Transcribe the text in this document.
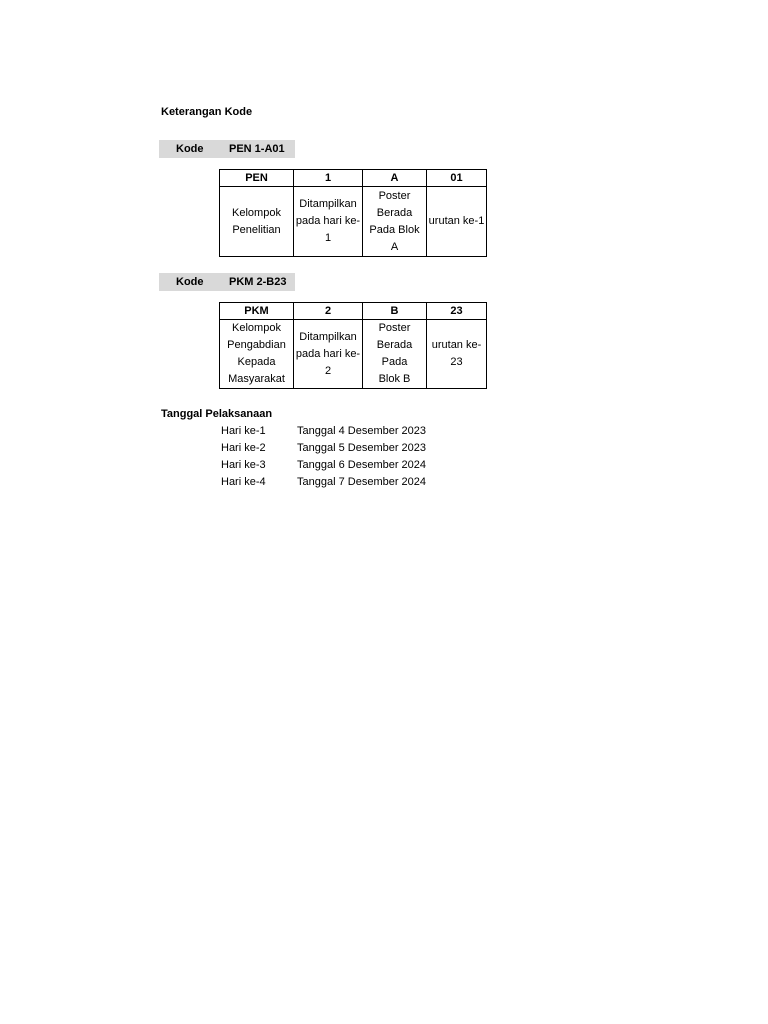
Keterangan Kode
Kode PEN 1-A01
PEN	1	A	01
Kelompok Penelitian	Ditampilkan pada hari ke-1	Poster Berada Pada Blok A	urutan ke-1
Kode PKM 2-B23
PKM	2	B	23
Kelompok Pengabdian Kepada Masyarakat	Ditampilkan pada hari ke-2	Poster Berada Pada Blok B	urutan ke-23
Tanggal Pelaksanaan
Hari ke-1	Tanggal 4 Desember 2023
Hari ke-2	Tanggal 5 Desember 2023
Hari ke-3	Tanggal 6 Desember 2024
Hari ke-4	Tanggal 7 Desember 2024
